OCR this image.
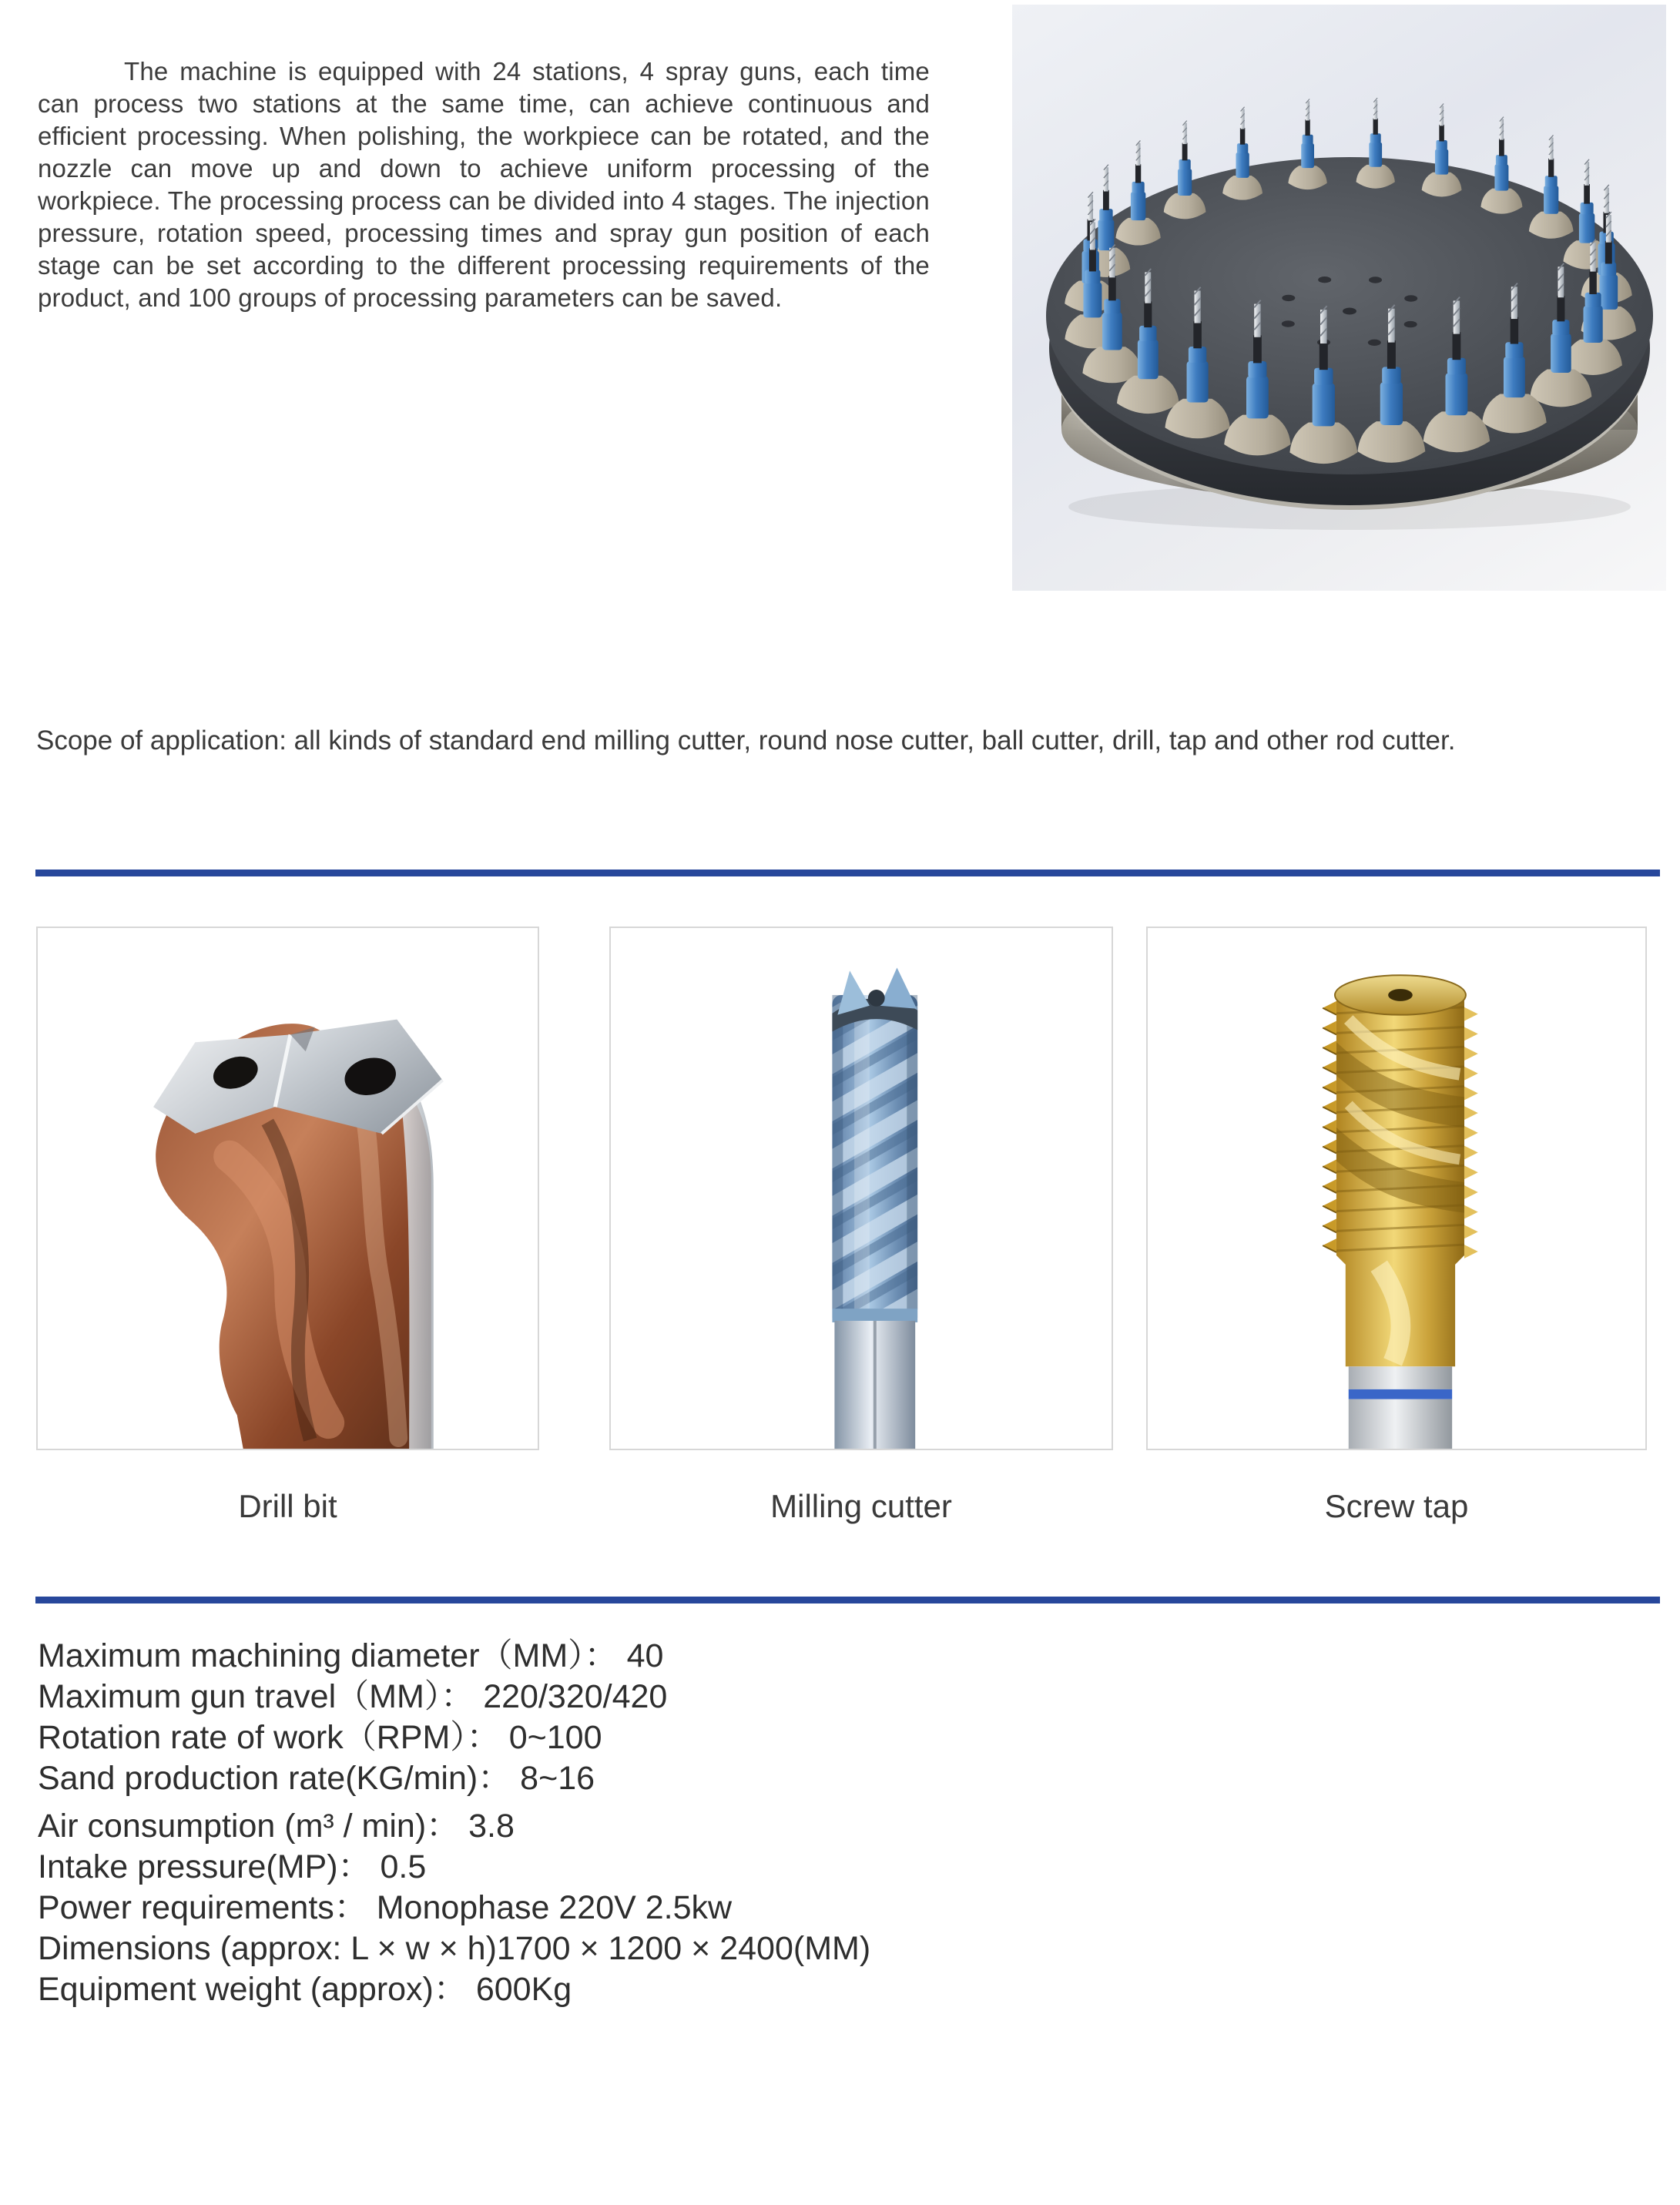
The machine is equipped with 24 stations, 4 spray guns, each time can process two stations at the same time, can achieve continuous and efficient processing. When polishing, the workpiece can be rotated, and the nozzle can move up and down to achieve uniform processing of the workpiece. The processing process can be divided into 4 stages. The injection pressure, rotation speed, processing times and spray gun position of each stage can be set according to the different processing requirements of the product, and 100 groups of processing parameters can be saved.

Scope of application: all kinds of standard end milling cutter, round nose cutter, ball cutter, drill, tap and other rod cutter.

Drill bit	Milling cutter	Screw tap
Maximum machining diameter（MM）： 40
Maximum gun travel（MM）： 220/320/420
Rotation rate of work（RPM）： 0~100
Sand production rate(KG/min)： 8~16
Air consumption (m³ / min)： 3.8
Intake pressure(MP)： 0.5
Power requirements： Monophase 220V 2.5kw
Dimensions (approx: L × w × h)1700 × 1200 × 2400(MM)
Equipment weight (approx)： 600Kg
